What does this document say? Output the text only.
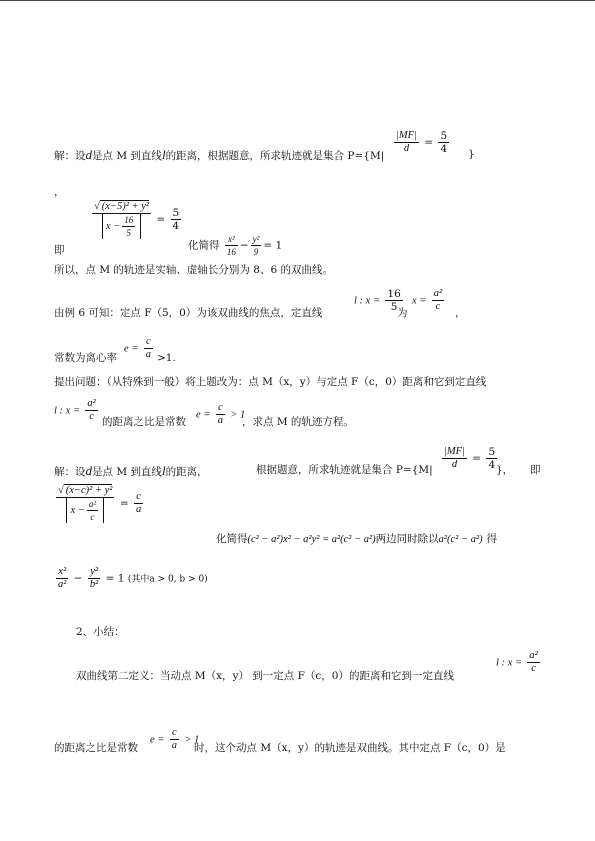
解：设d是点 M 到直线l的距离，根据题意，所求轨迹就是集合 P={M|
$\frac{|MF|}{d} = \frac{5}{4}$ }
，
$\frac{\text{√ (x−5)² + y²}}{x - \frac{16}{5}} = \frac{5}{4}$
化简得 $\frac{\text{x²}}{16} - \frac{\text{y²}}{9} = 1$
即
所以，点 M 的轨迹是实轴、虚轴长分别为 8、6 的双曲线。
由例 6 可知：定点 F（5，0）为该双曲线的焦点，定直线
l : $x = \frac{16}{5}$
为
$x = \frac{\text{a²}}{c}$ ，
常数为离心率
$e = \frac{c}{a} >1$.
提出问题：（从特殊到一般）将上题改为：点 M（x，y）与定点 F（c，0）距离和它到定直线
l : $x = \frac{\text{a²}}{c}$ 的距离之比是常数
$e = \frac{c}{a} > 1$
，求点 M 的轨迹方程。
解：设d是点 M 到直线l的距离，	根据题意，所求轨迹就是集合 $P=\{M| \frac{|MF|}{d} = \frac{5}{4}$
}， 即
$\frac{\text{√ (x−c)² + y²}}{x - \frac{\text{a²}}{c}} = \frac{c}{a}$
化简得(c² − a²)x² − a²y² = a²(c² − a²)两边同时除以a²(c² − a²) 得
$\frac{\text{x²}}{\text{a²}} - \frac{\text{y²}}{\text{b²}} = 1$ (其中a > 0, b > 0)
2、小结：
双曲线第二定义：当动点 M（x，y） 到一定点 F（c，0）的距离和它到一定直线
l : $x = \frac{\text{a²}}{c}$
的距离之比是常数
$e = \frac{c}{a} > 1$
时，这个动点 M（x，y）的轨迹是双曲线。其中定点 F（c，0）是
